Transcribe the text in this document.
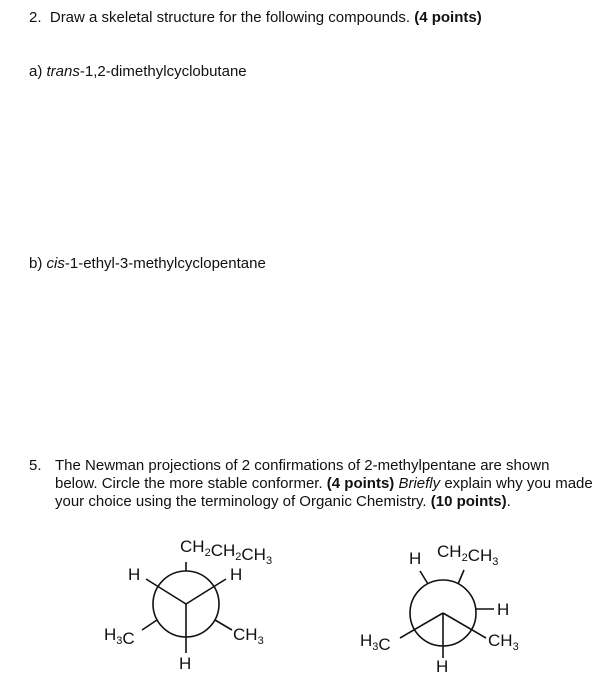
2. Draw a skeletal structure for the following compounds. (4 points)
a) trans-1,2-dimethylcyclobutane
b) cis-1-ethyl-3-methylcyclopentane
5. The Newman projections of 2 confirmations of 2-methylpentane are shown below. Circle the more stable conformer. (4 points) Briefly explain why you made your choice using the terminology of Organic Chemistry. (10 points).
$CH_2CH_2CH_3$
H	H
$H_3C$	$CH_3$
H
H $CH_2CH_3$
H
$H_3C$	$CH_3$
H
